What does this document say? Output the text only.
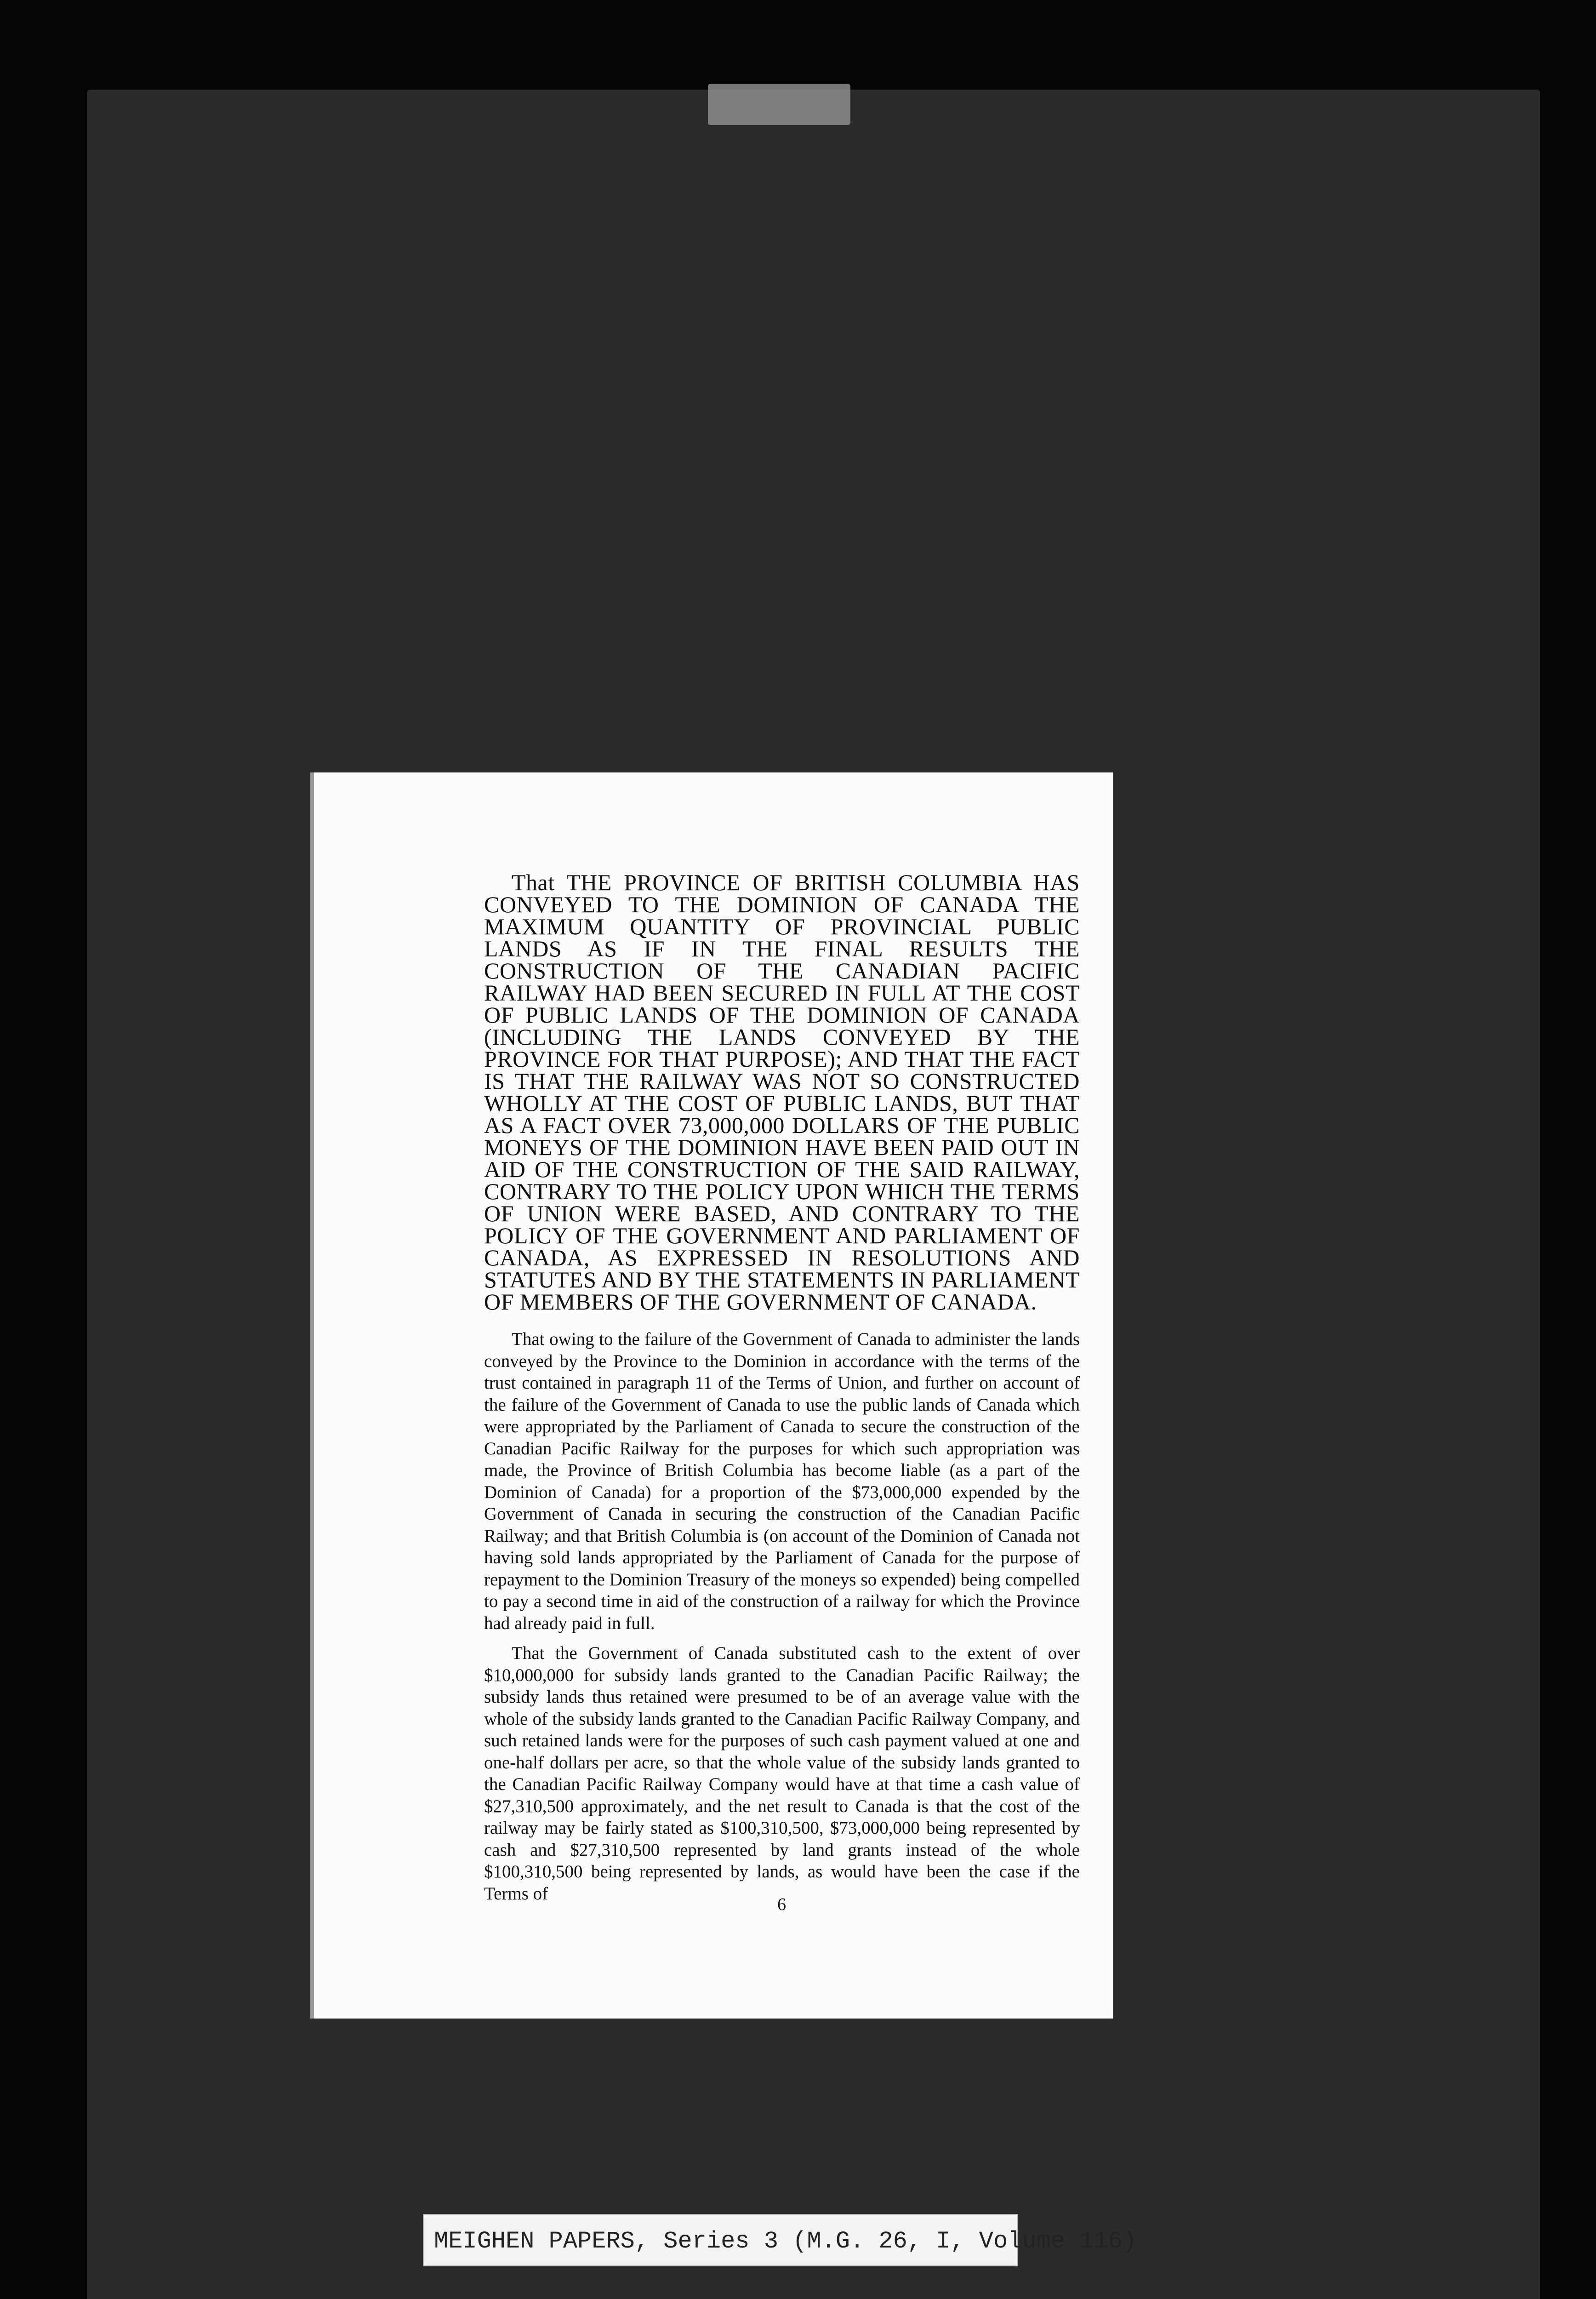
That THE PROVINCE OF BRITISH COLUMBIA HAS CONVEYED TO THE DOMINION OF CANADA THE MAXIMUM QUANTITY OF PROVINCIAL PUBLIC LANDS AS IF IN THE FINAL RESULTS THE CONSTRUCTION OF THE CANADIAN PACIFIC RAILWAY HAD BEEN SECURED IN FULL AT THE COST OF PUBLIC LANDS OF THE DOMINION OF CANADA (INCLUDING THE LANDS CONVEYED BY THE PROVINCE FOR THAT PURPOSE); AND THAT THE FACT IS THAT THE RAILWAY WAS NOT SO CONSTRUCTED WHOLLY AT THE COST OF PUBLIC LANDS, BUT THAT AS A FACT OVER 73,000,000 DOLLARS OF THE PUBLIC MONEYS OF THE DOMINION HAVE BEEN PAID OUT IN AID OF THE CONSTRUCTION OF THE SAID RAILWAY, CONTRARY TO THE POLICY UPON WHICH THE TERMS OF UNION WERE BASED, AND CONTRARY TO THE POLICY OF THE GOVERNMENT AND PARLIAMENT OF CANADA, AS EXPRESSED IN RESOLUTIONS AND STATUTES AND BY THE STATEMENTS IN PARLIAMENT OF MEMBERS OF THE GOVERNMENT OF CANADA.

That owing to the failure of the Government of Canada to administer the lands conveyed by the Province to the Dominion in accordance with the terms of the trust contained in paragraph 11 of the Terms of Union, and further on account of the failure of the Government of Canada to use the public lands of Canada which were appropriated by the Parliament of Canada to secure the construction of the Canadian Pacific Railway for the purposes for which such appropriation was made, the Province of British Columbia has become liable (as a part of the Dominion of Canada) for a proportion of the $73,000,000 expended by the Government of Canada in securing the construction of the Canadian Pacific Railway; and that British Columbia is (on account of the Dominion of Canada not having sold lands appropriated by the Parliament of Canada for the purpose of repayment to the Dominion Treasury of the moneys so expended) being compelled to pay a second time in aid of the construction of a railway for which the Province had already paid in full.

That the Government of Canada substituted cash to the extent of over $10,000,000 for subsidy lands granted to the Canadian Pacific Railway; the subsidy lands thus retained were presumed to be of an average value with the whole of the subsidy lands granted to the Canadian Pacific Railway Company, and such retained lands were for the purposes of such cash payment valued at one and one-half dollars per acre, so that the whole value of the subsidy lands granted to the Canadian Pacific Railway Company would have at that time a cash value of $27,310,500 approximately, and the net result to Canada is that the cost of the railway may be fairly stated as $100,310,500, $73,000,000 being represented by cash and $27,310,500 represented by land grants instead of the whole $100,310,500 being represented by lands, as would have been the case if the Terms of

6
MEIGHEN PAPERS, Series 3 (M.G. 26, I, Volume 116)
